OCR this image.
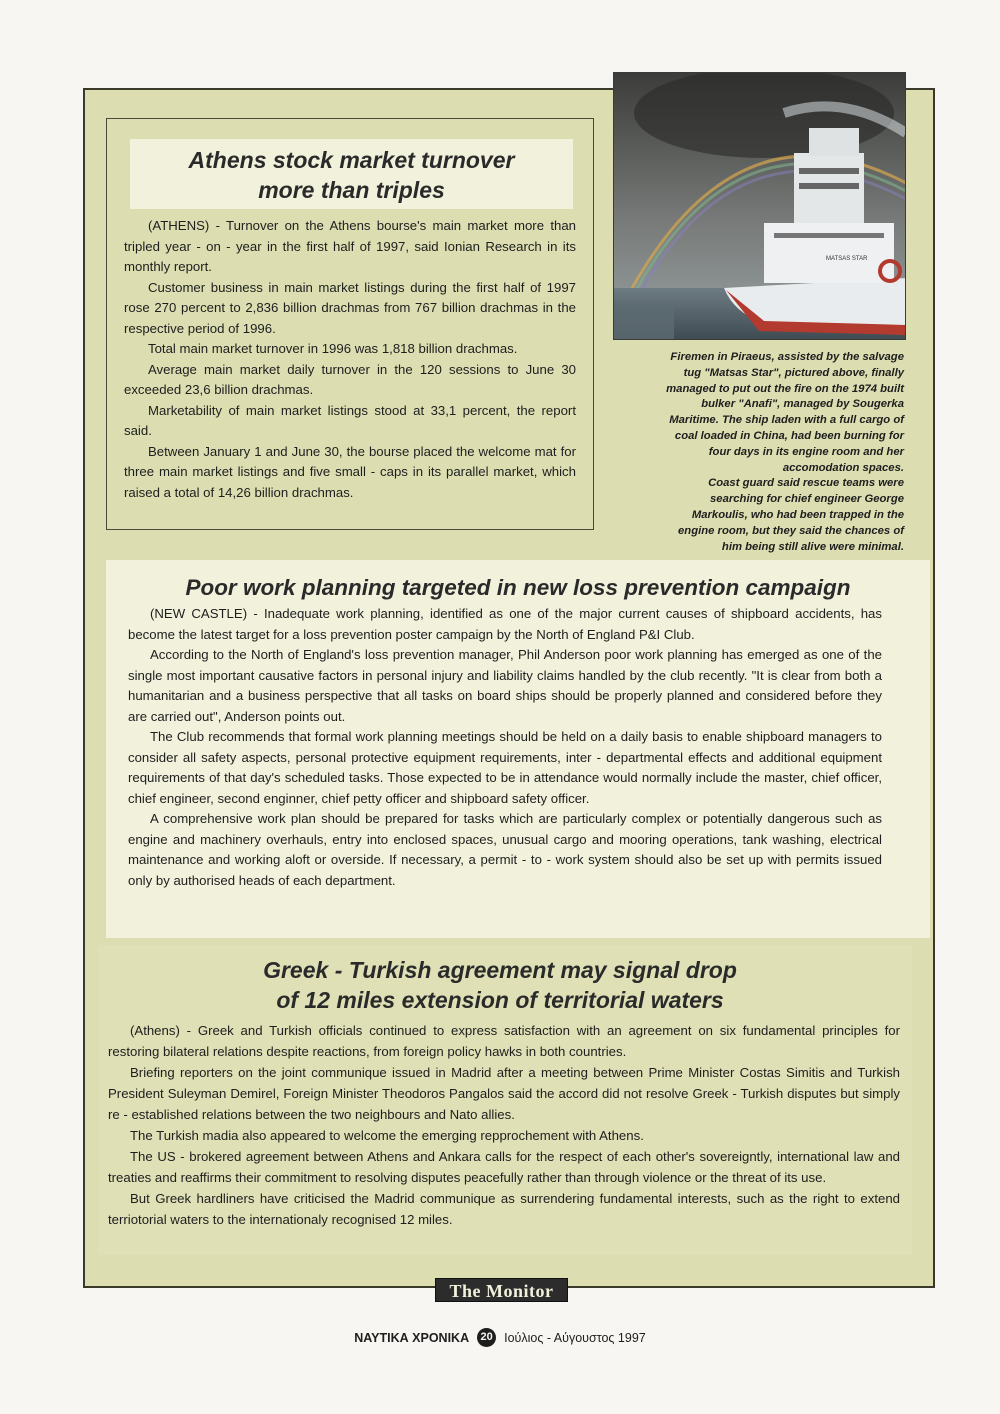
Athens stock market turnover
more than triples

(ATHENS) - Turnover on the Athens bourse's main market more than tripled year - on - year in the first half of 1997, said Ionian Research in its monthly report.

Customer business in main market listings during the first half of 1997 rose 270 percent to 2,836 billion drachmas from 767 billion drachmas in the respective period of 1996.

Total main market turnover in 1996 was 1,818 billion drachmas.

Average main market daily turnover in the 120 sessions to June 30 exceeded 23,6 billion drachmas.

Marketability of main market listings stood at 33,1 percent, the report said.

Between January 1 and June 30, the bourse placed the welcome mat for three main market listings and five small - caps in its parallel market, which raised a total of 14,26 billion drachmas.

MATSAS STAR
Firemen in Piraeus, assisted by the salvage
tug "Matsas Star", pictured above, finally
managed to put out the fire on the 1974 built
bulker "Anafi", managed by Sougerka
Maritime. The ship laden with a full cargo of
coal loaded in China, had been burning for
four days in its engine room and her
accomodation spaces.
Coast guard said rescue teams were
searching for chief engineer George
Markoulis, who had been trapped in the
engine room, but they said the chances of
him being still alive were minimal.
Poor work planning targeted in new loss prevention campaign

(NEW CASTLE) - Inadequate work planning, identified as one of the major current causes of shipboard accidents, has become the latest target for a loss prevention poster campaign by the North of England P&I Club.

According to the North of England's loss prevention manager, Phil Anderson poor work planning has emerged as one of the single most important causative factors in personal injury and liability claims handled by the club recently. "It is clear from both a humanitarian and a business perspective that all tasks on board ships should be properly planned and considered before they are carried out", Anderson points out.

The Club recommends that formal work planning meetings should be held on a daily basis to enable shipboard managers to consider all safety aspects, personal protective equipment requirements, inter - departmental effects and additional equipment requirements of that day's scheduled tasks. Those expected to be in attendance would normally include the master, chief officer, chief engineer, second enginner, chief petty officer and shipboard safety officer.

A comprehensive work plan should be prepared for tasks which are particularly complex or potentially dangerous such as engine and machinery overhauls, entry into enclosed spaces, unusual cargo and mooring operations, tank washing, electrical maintenance and working aloft or overside. If necessary, a permit - to - work system should also be set up with permits issued only by authorised heads of each department.

Greek - Turkish agreement may signal drop
of 12 miles extension of territorial waters

(Athens) - Greek and Turkish officials continued to express satisfaction with an agreement on six fundamental principles for restoring bilateral relations despite reactions, from foreign policy hawks in both countries.

Briefing reporters on the joint communique issued in Madrid after a meeting between Prime Minister Costas Simitis and Turkish President Suleyman Demirel, Foreign Minister Theodoros Pangalos said the accord did not resolve Greek - Turkish disputes but simply re - established relations between the two neighbours and Nato allies.

The Turkish madia also appeared to welcome the emerging repprochement with Athens.

The US - brokered agreement between Athens and Ankara calls for the respect of each other's sovereigntly, international law and treaties and reaffirms their commitment to resolving disputes peacefully rather than through violence or the threat of its use.

But Greek hardliners have criticised the Madrid communique as surrendering fundamental interests, such as the right to extend terriotorial waters to the internationaly recognised 12 miles.

The Monitor
ΝΑΥΤΙΚΑ ΧΡΟΝΙΚΑ	20 Ιούλιος - Αύγουστος 1997
